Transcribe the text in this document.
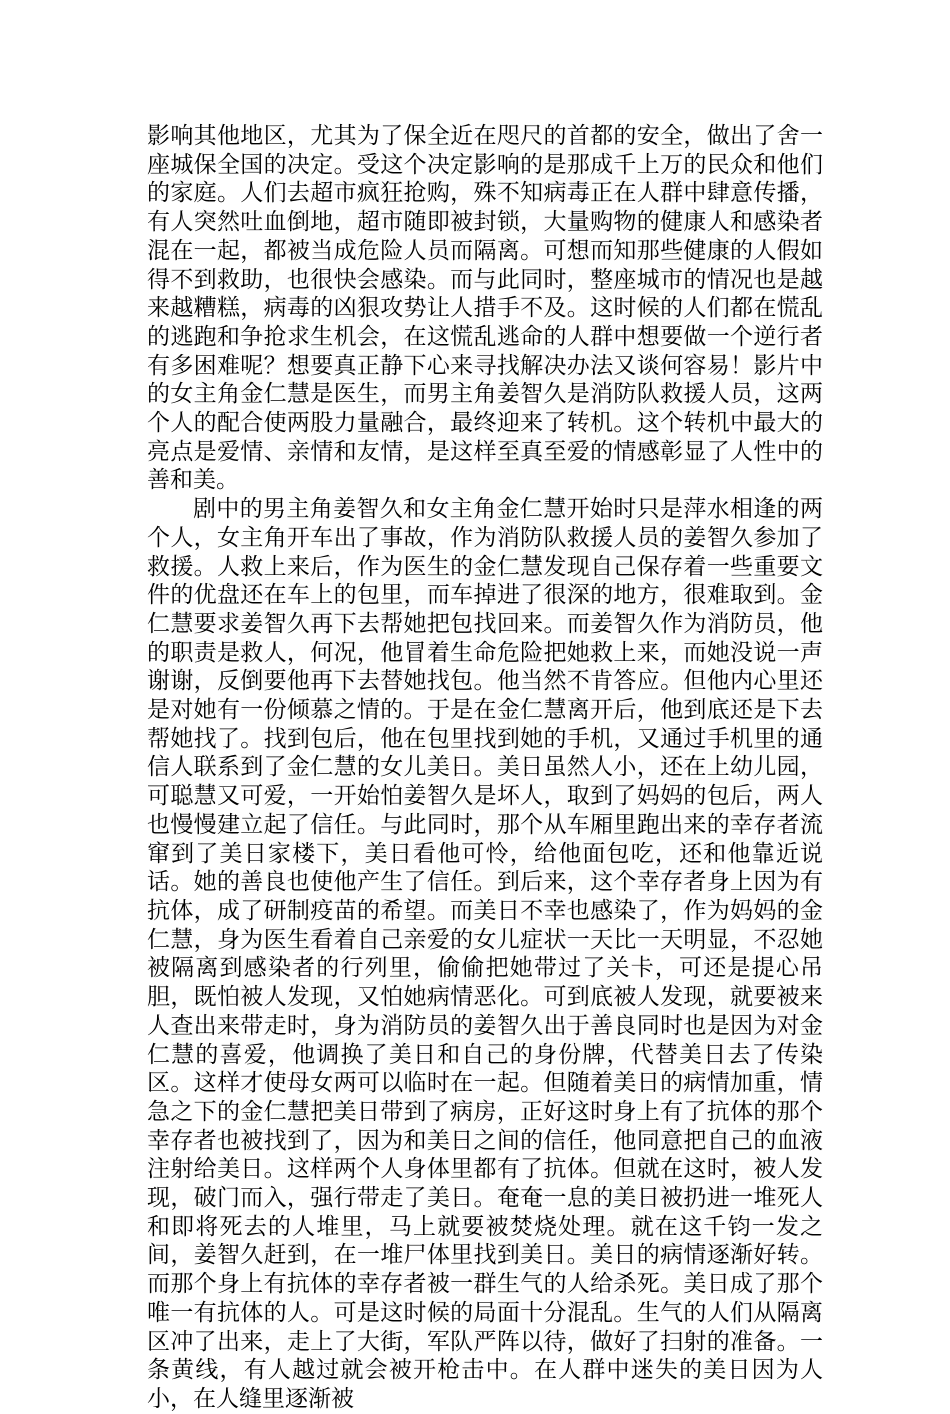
影响其他地区，尤其为了保全近在咫尺的首都的安全，做出了舍一座城保全国的决定。受这个决定影响的是那成千上万的民众和他们的家庭。人们去超市疯狂抢购，殊不知病毒正在人群中肆意传播，有人突然吐血倒地，超市随即被封锁，大量购物的健康人和感染者混在一起，都被当成危险人员而隔离。可想而知那些健康的人假如得不到救助，也很快会感染。而与此同时，整座城市的情况也是越来越糟糕，病毒的凶狠攻势让人措手不及。这时候的人们都在慌乱的逃跑和争抢求生机会，在这慌乱逃命的人群中想要做一个逆行者有多困难呢？想要真正静下心来寻找解决办法又谈何容易！影片中的女主角金仁慧是医生，而男主角姜智久是消防队救援人员，这两个人的配合使两股力量融合，最终迎来了转机。这个转机中最大的亮点是爱情、亲情和友情，是这样至真至爱的情感彰显了人性中的善和美。

剧中的男主角姜智久和女主角金仁慧开始时只是萍水相逢的两个人，女主角开车出了事故，作为消防队救援人员的姜智久参加了救援。人救上来后，作为医生的金仁慧发现自己保存着一些重要文件的优盘还在车上的包里，而车掉进了很深的地方，很难取到。金仁慧要求姜智久再下去帮她把包找回来。而姜智久作为消防员，他的职责是救人，何况，他冒着生命危险把她救上来，而她没说一声谢谢，反倒要他再下去替她找包。他当然不肯答应。但他内心里还是对她有一份倾慕之情的。于是在金仁慧离开后，他到底还是下去帮她找了。找到包后，他在包里找到她的手机，又通过手机里的通信人联系到了金仁慧的女儿美日。美日虽然人小，还在上幼儿园，可聪慧又可爱，一开始怕姜智久是坏人，取到了妈妈的包后，两人也慢慢建立起了信任。与此同时，那个从车厢里跑出来的幸存者流窜到了美日家楼下，美日看他可怜，给他面包吃，还和他靠近说话。她的善良也使他产生了信任。到后来，这个幸存者身上因为有抗体，成了研制疫苗的希望。而美日不幸也感染了，作为妈妈的金仁慧，身为医生看着自己亲爱的女儿症状一天比一天明显，不忍她被隔离到感染者的行列里，偷偷把她带过了关卡，可还是提心吊胆，既怕被人发现，又怕她病情恶化。可到底被人发现，就要被来人查出来带走时，身为消防员的姜智久出于善良同时也是因为对金仁慧的喜爱，他调换了美日和自己的身份牌，代替美日去了传染区。这样才使母女两可以临时在一起。但随着美日的病情加重，情急之下的金仁慧把美日带到了病房，正好这时身上有了抗体的那个幸存者也被找到了，因为和美日之间的信任，他同意把自己的血液注射给美日。这样两个人身体里都有了抗体。但就在这时，被人发现，破门而入，强行带走了美日。奄奄一息的美日被扔进一堆死人和即将死去的人堆里，马上就要被焚烧处理。就在这千钧一发之间，姜智久赶到，在一堆尸体里找到美日。美日的病情逐渐好转。而那个身上有抗体的幸存者被一群生气的人给杀死。美日成了那个唯一有抗体的人。可是这时候的局面十分混乱。生气的人们从隔离区冲了出来，走上了大街，军队严阵以待，做好了扫射的准备。一条黄线，有人越过就会被开枪击中。在人群中迷失的美日因为人小，在人缝里逐渐被
